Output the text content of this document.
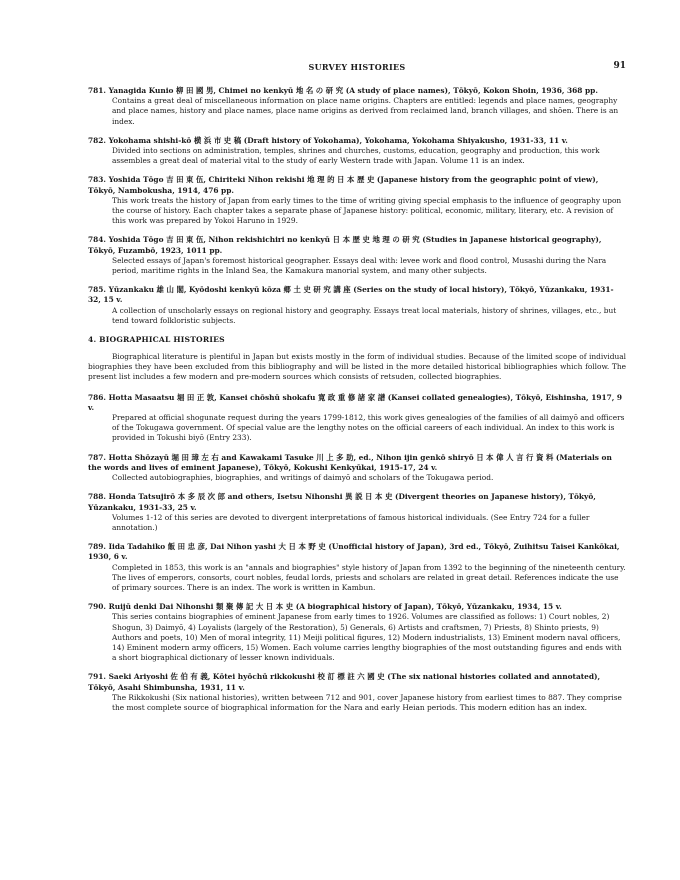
SURVEY HISTORIES	91

781. Yanagida Kunio 柳 田 國 男, Chimei no kenkyū 地 名 の 研 究 (A study of place names), Tōkyō, Kokon Shoin, 1936, 368 pp.

Contains a great deal of miscellaneous information on place name origins. Chapters are entitled: legends and place names, geography and place names, history and place names, place name origins as derived from reclaimed land, branch villages, and shōen. There is an index.

782. Yokohama shishi-kō 横 浜 市 史 稿 (Draft history of Yokohama), Yokohama, Yokohama Shiyakusho, 1931-33, 11 v.

Divided into sections on administration, temples, shrines and churches, customs, education, geography and production, this work assembles a great deal of material vital to the study of early Western trade with Japan. Volume 11 is an index.

783. Yoshida Tōgo 吉 田 東 伍, Chiriteki Nihon rekishi 地 理 的 日 本 歴 史 (Japanese history from the geographic point of view), Tōkyō, Nambokusha, 1914, 476 pp.

This work treats the history of Japan from early times to the time of writing giving special emphasis to the influence of geography upon the course of history. Each chapter takes a separate phase of Japanese history: political, economic, military, literary, etc. A revision of this work was prepared by Yokoi Haruno in 1929.

784. Yoshida Tōgo 吉 田 東 伍, Nihon rekishichiri no kenkyū 日 本 歴 史 地 理 の 研 究 (Studies in Japanese historical geography), Tōkyō, Fuzambō, 1923, 1011 pp.

Selected essays of Japan's foremost historical geographer. Essays deal with: levee work and flood control, Musashi during the Nara period, maritime rights in the Inland Sea, the Kamakura manorial system, and many other subjects.

785. Yūzankaku 雄 山 閣, Kyōdoshi kenkyū kōza 郷 土 史 研 究 講 座 (Series on the study of local history), Tōkyō, Yūzankaku, 1931-32, 15 v.

A collection of unscholarly essays on regional history and geography. Essays treat local materials, history of shrines, villages, etc., but tend toward folkloristic subjects.

4. BIOGRAPHICAL HISTORIES

Biographical literature is plentiful in Japan but exists mostly in the form of individual studies. Because of the limited scope of individual biographies they have been excluded from this bibliography and will be listed in the more detailed historical bibliographies which follow. The present list includes a few modern and pre-modern sources which consists of retsuden, collected biographies.

786. Hotta Masaatsu 堀 田 正 敦, Kansei chōshū shokafu 寛 政 重 修 諸 家 譜 (Kansei collated genealogies), Tōkyō, Eishinsha, 1917, 9 v.

Prepared at official shogunate request during the years 1799-1812, this work gives genealogies of the families of all daimyō and officers of the Tokugawa government. Of special value are the lengthy notes on the official careers of each individual. An index to this work is provided in Tokushi biyō (Entry 233).

787. Hotta Shōzayū 堀 田 璋 左 右 and Kawakami Tasuke 川 上 多 助, ed., Nihon ijin genkō shiryō 日 本 偉 人 言 行 資 料 (Materials on the words and lives of eminent Japanese), Tōkyō, Kokushi Kenkyūkai, 1915-17, 24 v.

Collected autobiographies, biographies, and writings of daimyō and scholars of the Tokugawa period.

788. Honda Tatsujirō 本 多 辰 次 郎 and others, Isetsu Nihonshi 異 説 日 本 史 (Divergent theories on Japanese history), Tōkyō, Yūzankaku, 1931-33, 25 v.

Volumes 1-12 of this series are devoted to divergent interpretations of famous historical individuals. (See Entry 724 for a fuller annotation.)

789. Iida Tadahiko 飯 田 忠 彦, Dai Nihon yashi 大 日 本 野 史 (Unofficial history of Japan), 3rd ed., Tōkyō, Zuihitsu Taisei Kankōkai, 1930, 6 v.

Completed in 1853, this work is an "annals and biographies" style history of Japan from 1392 to the beginning of the nineteenth century. The lives of emperors, consorts, court nobles, feudal lords, priests and scholars are related in great detail. References indicate the use of primary sources. There is an index. The work is written in Kambun.

790. Ruijū denki Dai Nihonshi 類 聚 傳 記 大 日 本 史 (A biographical history of Japan), Tōkyō, Yūzankaku, 1934, 15 v.

This series contains biographies of eminent Japanese from early times to 1926. Volumes are classified as follows: 1) Court nobles, 2) Shogun, 3) Daimyō, 4) Loyalists (largely of the Restoration), 5) Generals, 6) Artists and craftsmen, 7) Priests, 8) Shinto priests, 9) Authors and poets, 10) Men of moral integrity, 11) Meiji political figures, 12) Modern industrialists, 13) Eminent modern naval officers, 14) Eminent modern army officers, 15) Women. Each volume carries lengthy biographies of the most outstanding figures and ends with a short biographical dictionary of lesser known individuals.

791. Saeki Ariyoshi 佐 伯 有 義, Kōtei hyōchū rikkokushi 校 訂 標 註 六 國 史 (The six national histories collated and annotated), Tōkyō, Asahi Shimbunsha, 1931, 11 v.

The Rikkokushi (Six national histories), written between 712 and 901, cover Japanese history from earliest times to 887. They comprise the most complete source of biographical information for the Nara and early Heian periods. This modern edition has an index.
